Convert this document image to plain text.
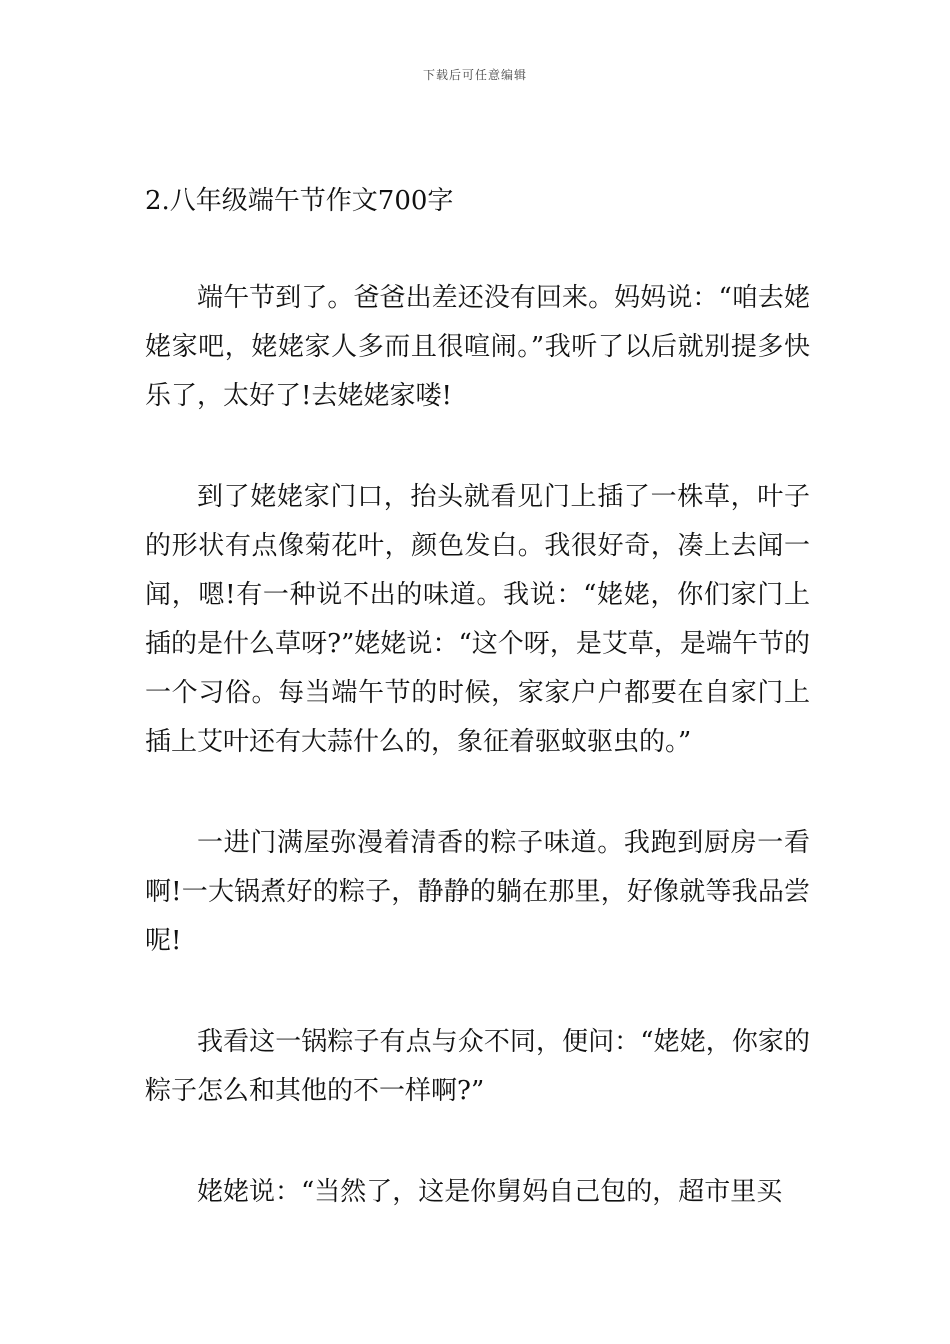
下载后可任意编辑
2.八年级端午节作文700字

端午节到了。爸爸出差还没有回来。妈妈说：“咱去姥姥家吧，姥姥家人多而且很喧闹。”我听了以后就别提多快乐了，太好了!去姥姥家喽!

到了姥姥家门口，抬头就看见门上插了一株草，叶子的形状有点像菊花叶，颜色发白。我很好奇，凑上去闻一闻，嗯!有一种说不出的味道。我说：“姥姥，你们家门上插的是什么草呀?”姥姥说：“这个呀，是艾草，是端午节的一个习俗。每当端午节的时候，家家户户都要在自家门上插上艾叶还有大蒜什么的，象征着驱蚊驱虫的。”

一进门满屋弥漫着清香的粽子味道。我跑到厨房一看啊!一大锅煮好的粽子，静静的躺在那里，好像就等我品尝呢!

我看这一锅粽子有点与众不同，便问：“姥姥，你家的粽子怎么和其他的不一样啊?”

姥姥说：“当然了，这是你舅妈自己包的，超市里买
